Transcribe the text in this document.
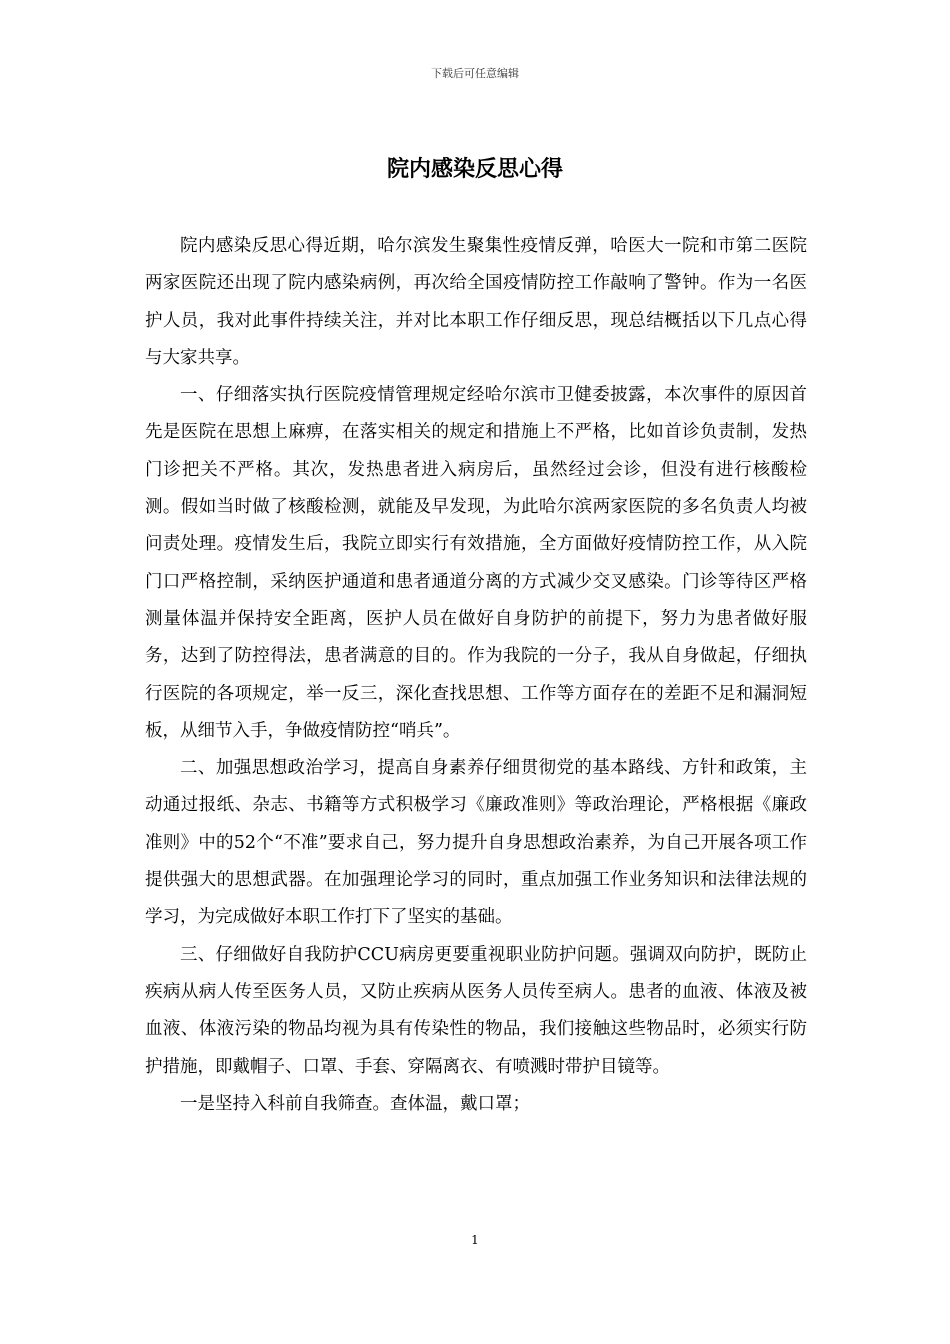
下载后可任意编辑
院内感染反思心得

院内感染反思心得近期，哈尔滨发生聚集性疫情反弹，哈医大一院和市第二医院两家医院还出现了院内感染病例，再次给全国疫情防控工作敲响了警钟。作为一名医护人员，我对此事件持续关注，并对比本职工作仔细反思，现总结概括以下几点心得与大家共享。

一、仔细落实执行医院疫情管理规定经哈尔滨市卫健委披露，本次事件的原因首先是医院在思想上麻痹，在落实相关的规定和措施上不严格，比如首诊负责制，发热门诊把关不严格。其次，发热患者进入病房后，虽然经过会诊，但没有进行核酸检测。假如当时做了核酸检测，就能及早发现，为此哈尔滨两家医院的多名负责人均被问责处理。疫情发生后，我院立即实行有效措施，全方面做好疫情防控工作，从入院门口严格控制，采纳医护通道和患者通道分离的方式减少交叉感染。门诊等待区严格测量体温并保持安全距离，医护人员在做好自身防护的前提下，努力为患者做好服务，达到了防控得法，患者满意的目的。作为我院的一分子，我从自身做起，仔细执行医院的各项规定，举一反三，深化查找思想、工作等方面存在的差距不足和漏洞短板，从细节入手，争做疫情防控“哨兵”。

二、加强思想政治学习，提高自身素养仔细贯彻党的基本路线、方针和政策，主动通过报纸、杂志、书籍等方式积极学习《廉政准则》等政治理论，严格根据《廉政准则》中的52个“不准”要求自己，努力提升自身思想政治素养，为自己开展各项工作提供强大的思想武器。在加强理论学习的同时，重点加强工作业务知识和法律法规的学习，为完成做好本职工作打下了坚实的基础。

三、仔细做好自我防护CCU病房更要重视职业防护问题。强调双向防护，既防止疾病从病人传至医务人员，又防止疾病从医务人员传至病人。患者的血液、体液及被血液、体液污染的物品均视为具有传染性的物品，我们接触这些物品时，必须实行防护措施，即戴帽子、口罩、手套、穿隔离衣、有喷溅时带护目镜等。

一是坚持入科前自我筛查。查体温，戴口罩；

1
